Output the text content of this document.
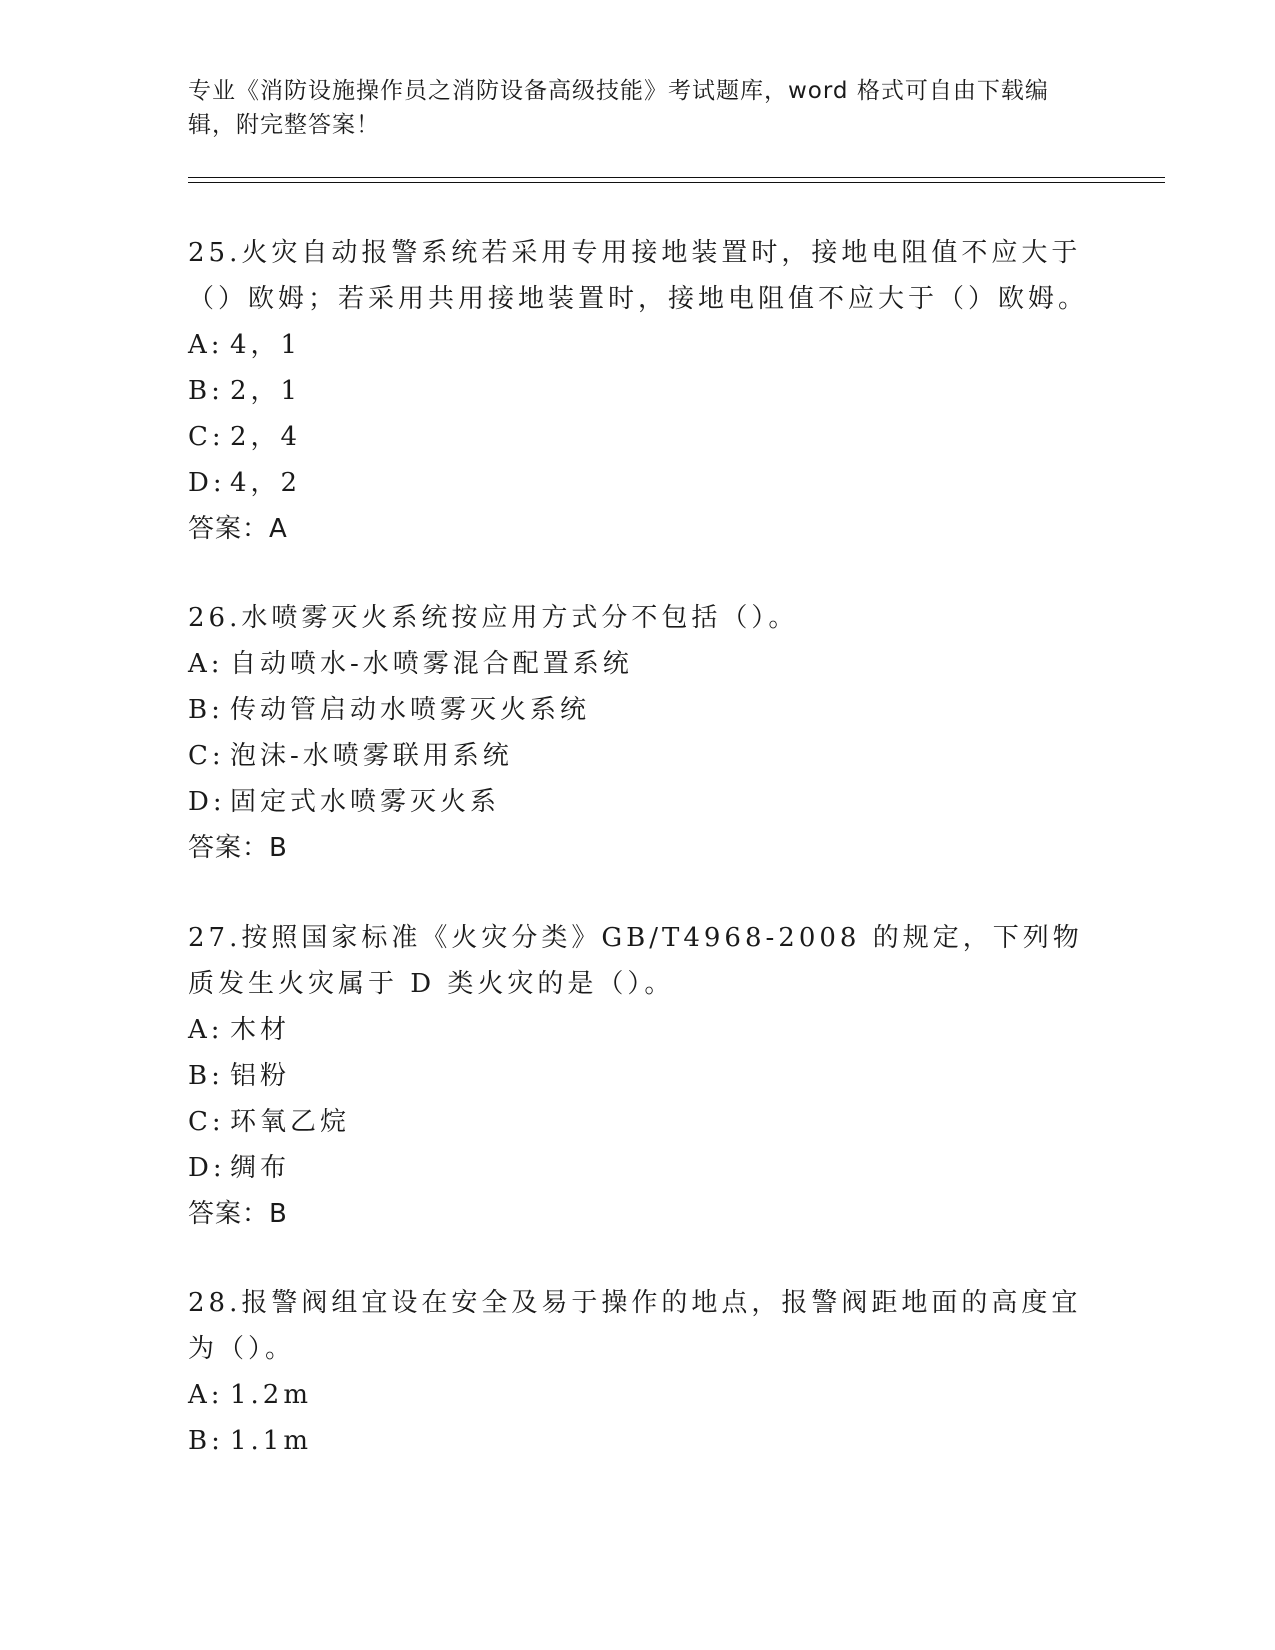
专业《消防设施操作员之消防设备高级技能》考试题库，word 格式可自由下载编辑，附完整答案！

25.火灾自动报警系统若采用专用接地装置时，接地电阻值不应大于（）欧姆；若采用共用接地装置时，接地电阻值不应大于（）欧姆。

A: 4，1
B: 2，1
C: 2，4
D: 4，2
答案：A

26.水喷雾灭火系统按应用方式分不包括（）。

A: 自动喷水-水喷雾混合配置系统
B: 传动管启动水喷雾灭火系统
C: 泡沫-水喷雾联用系统
D: 固定式水喷雾灭火系
答案：B

27.按照国家标准《火灾分类》GB/T4968-2008 的规定，下列物质发生火灾属于 D 类火灾的是（）。

A: 木材
B: 铝粉
C: 环氧乙烷
D: 绸布
答案：B

28.报警阀组宜设在安全及易于操作的地点，报警阀距地面的高度宜为（）。

A: 1.2m
B: 1.1m
